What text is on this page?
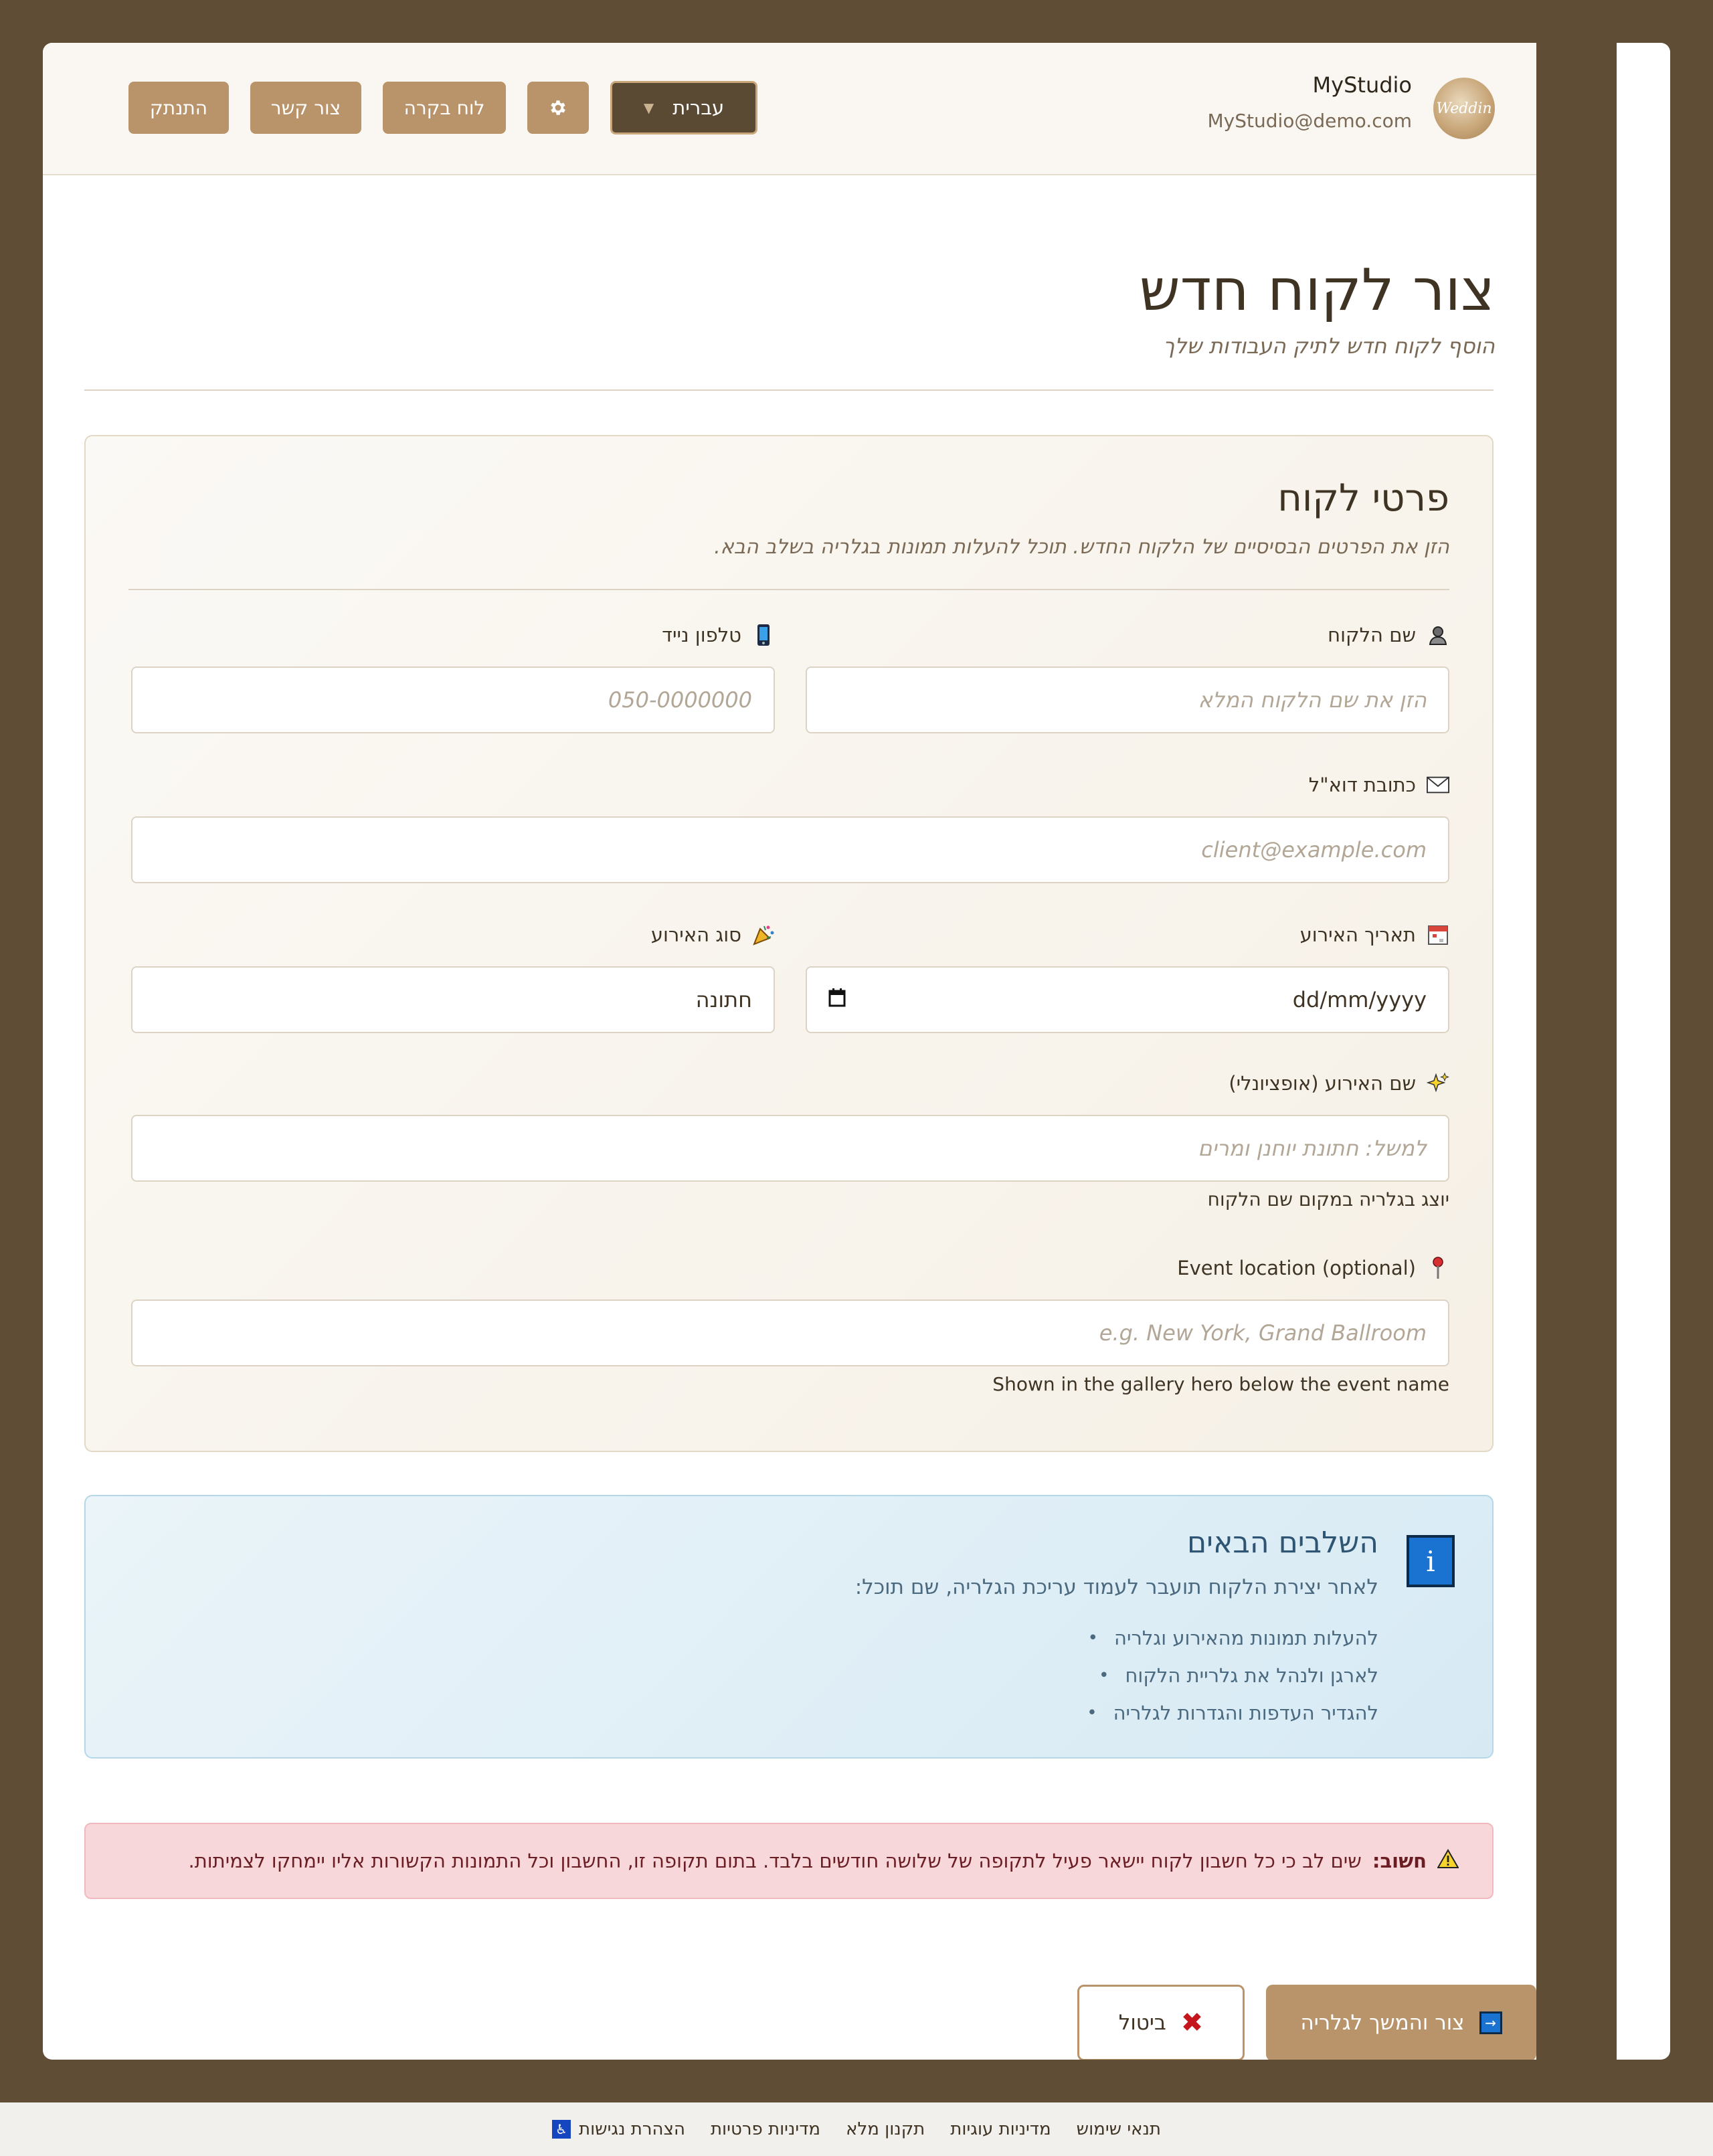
Weddin
MyStudio
MyStudio@demo.com
התנתק	צור קשר	לוח בקרה	עברית
▼
צור לקוח חדש
הוסף לקוח חדש לתיק העבודות שלך
פרטי לקוח
הזן את הפרטים הבסיסיים של הלקוח החדש. תוכל להעלות תמונות בגלריה בשלב הבא.
שם הלקוח
הזן את שם הלקוח המלא
טלפון נייד
050-0000000
כתובת דוא"ל
client@example.com
תאריך האירוע
dd/mm/yyyy
סוג האירוע
חתונה
שם האירוע (אופציונלי)
למשל: חתונת יוחנן ומרים
יוצג בגלריה במקום שם הלקוח
Event location (optional)
e.g. New York, Grand Ballroom
Shown in the gallery hero below the event name
i
השלבים הבאים
לאחר יצירת הלקוח תועבר לעמוד עריכת הגלריה, שם תוכל:
להעלות תמונות מהאירוע וגלריה •
לארגן ולנהל את גלריית הלקוח •
להגדיר העדפות והגדרות לגלריה •
חשוב:
שים לב כי כל חשבון לקוח יישאר פעיל לתקופה של שלושה חודשים בלבד. בתום תקופה זו, החשבון וכל התמונות הקשורות אליו יימחקו לצמיתות.
→
צור והמשך לגלריה
✖
ביטול
תנאי שימוש
מדיניות עוגיות
תקנון מלא
מדיניות פרטיות
הצהרת נגישות
♿
